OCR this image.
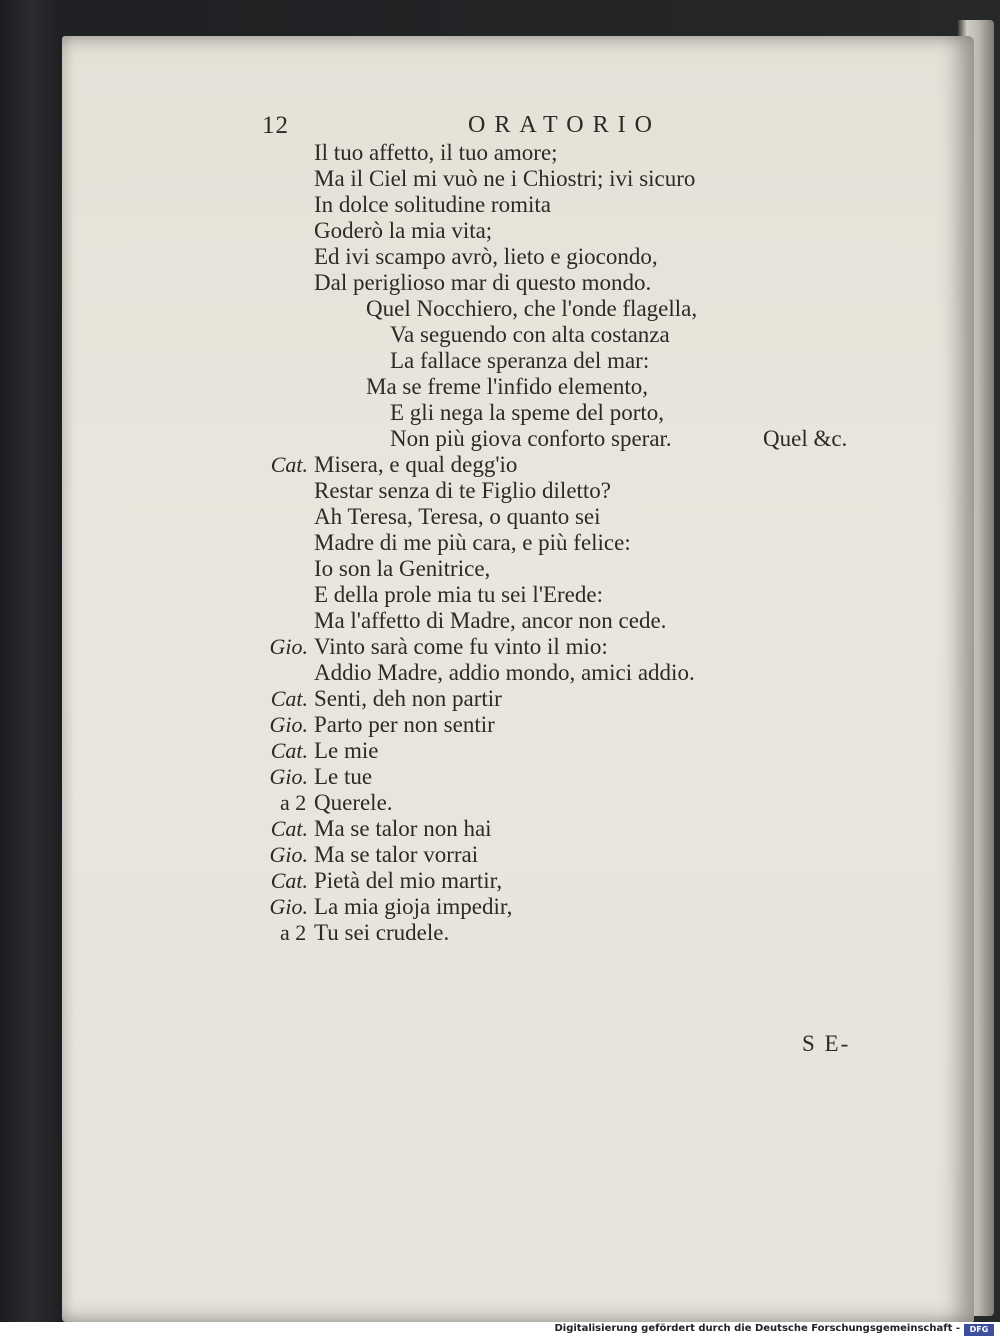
12	ORATORIO
Il tuo affetto, il tuo amore;
Ma il Ciel mi vuò ne i Chiostri; ivi sicuro
In dolce solitudine romita
Goderò la mia vita;
Ed ivi scampo avrò, lieto e giocondo,
Dal periglioso mar di questo mondo.
Quel Nocchiero, che l'onde flagella,
Va seguendo con alta costanza
La fallace speranza del mar:
Ma se freme l'infido elemento,
E gli nega la speme del porto,
Non più giova conforto sperar.	Quel &c.
Cat. Misera, e qual degg'io
Restar senza di te Figlio diletto?
Ah Teresa, Teresa, o quanto sei
Madre di me più cara, e più felice:
Io son la Genitrice,
E della prole mia tu sei l'Erede:
Ma l'affetto di Madre, ancor non cede.
Gio. Vinto sarà come fu vinto il mio:
Addio Madre, addio mondo, amici addio.
Cat. Senti, deh non partir
Gio. Parto per non sentir
Cat. Le mie
Gio. Le tue
a 2 Querele.
Cat. Ma se talor non hai
Gio. Ma se talor vorrai
Cat. Pietà del mio martir,
Gio. La mia gioja impedir,
a 2 Tu sei crudele.
S E-
Digitalisierung gefördert durch die Deutsche Forschungsgemeinschaft -	DFG
